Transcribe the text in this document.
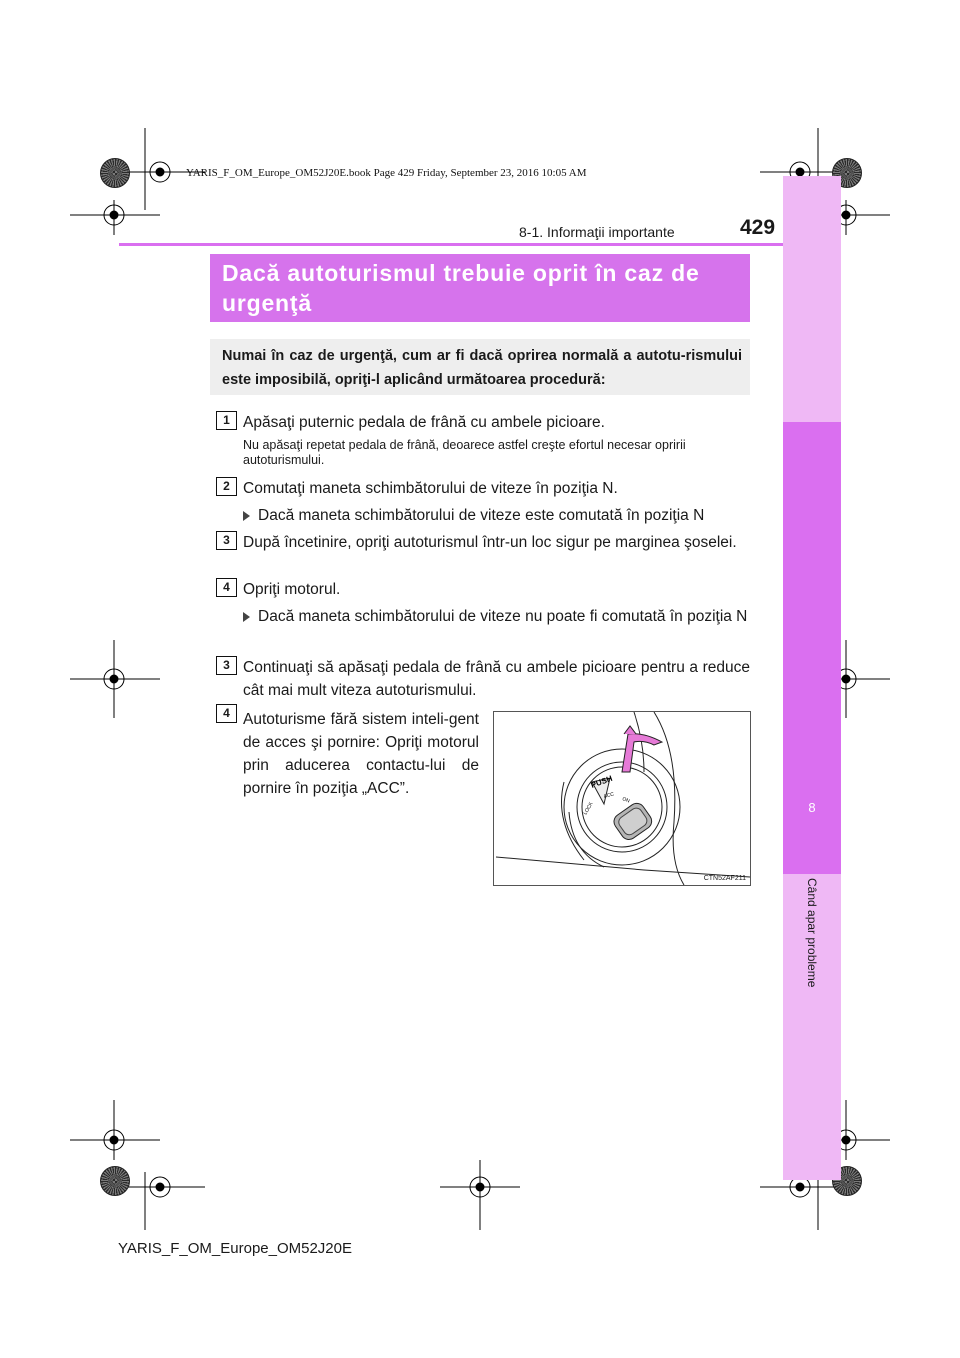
YARIS_F_OM_Europe_OM52J20E.book Page 429 Friday, September 23, 2016 10:05 AM
8
Când apar probleme
8-1. Informaţii importante	429
Dacă autoturismul trebuie oprit în caz de urgenţă
Numai în caz de urgenţă, cum ar fi dacă oprirea normală a autotu-rismului este imposibilă, opriţi-l aplicând următoarea procedură:
1 Apăsaţi puternic pedala de frână cu ambele picioare.
Nu apăsaţi repetat pedala de frână, deoarece astfel creşte efortul necesar opririi autoturismului.
2 Comutaţi maneta schimbătorului de viteze în poziţia N.
Dacă maneta schimbătorului de viteze este comutată în poziţia N
3 După încetinire, opriţi autoturismul într-un loc sigur pe marginea şoselei.
4 Opriţi motorul.
Dacă maneta schimbătorului de viteze nu poate fi comutată în poziţia N
3 Continuaţi să apăsaţi pedala de frână cu ambele picioare pentru a reduce cât mai mult viteza autoturismului.
4 Autoturisme fără sistem inteli-gent de acces şi pornire: Opriţi motorul prin aducerea contactu-lui de pornire în poziţia „ACC”.	PUSH
LOCK
ACC
ON
CTN52AF211
YARIS_F_OM_Europe_OM52J20E
